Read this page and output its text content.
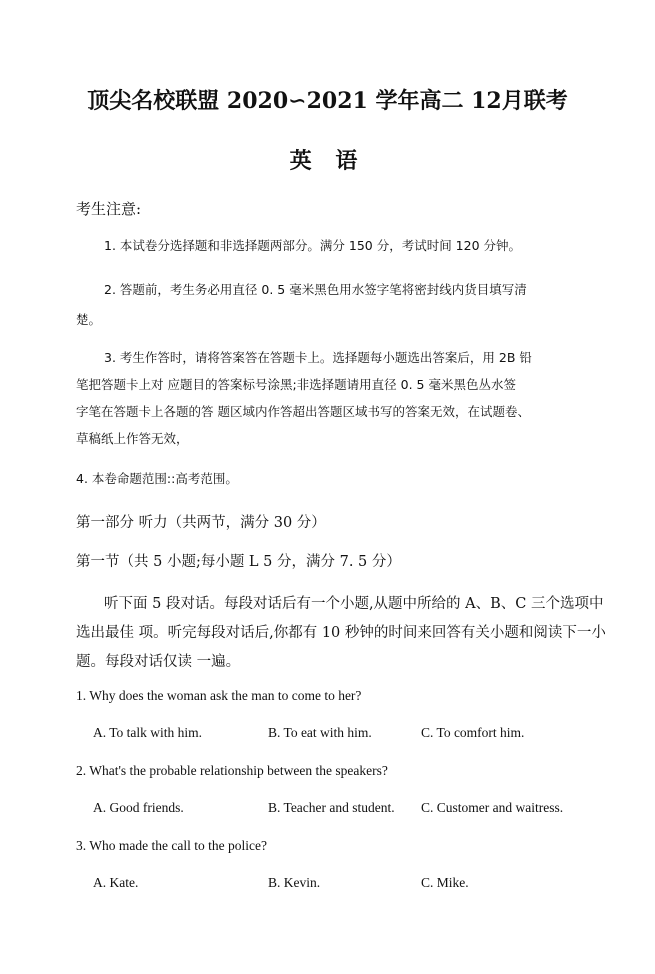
顶尖名校联盟 2020∽2021 学年高二 12月联考
英 语
考生注意:
1. 本试卷分选择题和非选择题两部分。满分 150 分，考试时间 120 分钟。
2. 答题前，考生务必用直径 0. 5 毫米黑色用水签字笔将密封线内货目填写清
楚。
3. 考生作答时，请将答案答在答题卡上。选择题每小题选出答案后，用 2B 铅
笔把答题卡上对 应题目的答案标号涂黑;非选择题请用直径 0. 5 毫米黑色丛水签
字笔在答题卡上各题的答 题区域内作答超出答题区域书写的答案无效，在试题卷、
草稿纸上作答无效，
4. 本卷命题范围::高考范围。
第一部分 听力（共两节，满分 30 分）
第一节（共 5 小题;每小题 L 5 分，满分 7. 5 分）
听下面 5 段对话。每段对话后有一个小题,从题中所给的 A、B、C 三个选项中
选出最佳 项。听完每段对话后,你都有 10 秒钟的时间来回答有关小题和阅读下一小
题。每段对话仅读 一遍。
1. Why does the woman ask the man to come to her?
A. To talk with him.	B. To eat with him.	C. To comfort him.
2. What's the probable relationship between the speakers?
A. Good friends.	B. Teacher and student. C. Customer and waitress.
3. Who made the call to the police?
A. Kate.	B. Kevin.	C. Mike.
